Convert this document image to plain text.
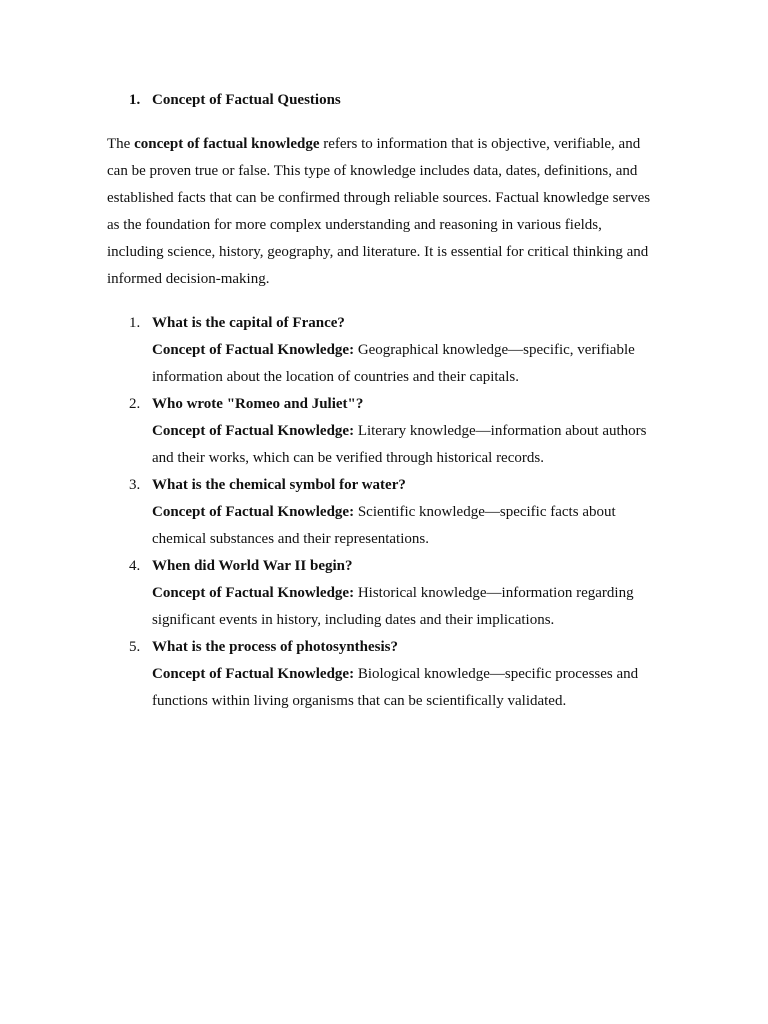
1. Concept of Factual Questions

The concept of factual knowledge refers to information that is objective, verifiable, and can be proven true or false. This type of knowledge includes data, dates, definitions, and established facts that can be confirmed through reliable sources. Factual knowledge serves as the foundation for more complex understanding and reasoning in various fields, including science, history, geography, and literature. It is essential for critical thinking and informed decision-making.

1. What is the capital of France?
Concept of Factual Knowledge: Geographical knowledge—specific, verifiable information about the location of countries and their capitals.
2. Who wrote "Romeo and Juliet"?
Concept of Factual Knowledge: Literary knowledge—information about authors and their works, which can be verified through historical records.
3. What is the chemical symbol for water?
Concept of Factual Knowledge: Scientific knowledge—specific facts about chemical substances and their representations.
4. When did World War II begin?
Concept of Factual Knowledge: Historical knowledge—information regarding significant events in history, including dates and their implications.
5. What is the process of photosynthesis?
Concept of Factual Knowledge: Biological knowledge—specific processes and functions within living organisms that can be scientifically validated.
